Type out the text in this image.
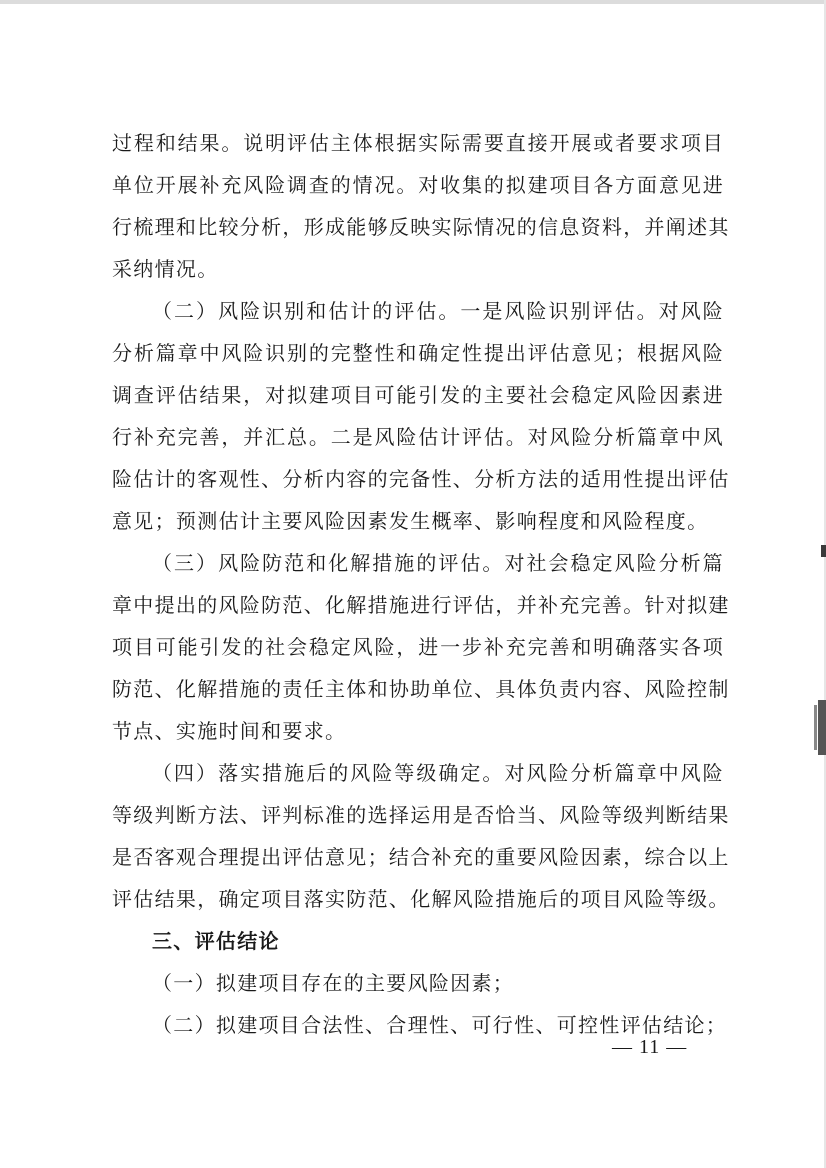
过程和结果。说明评估主体根据实际需要直接开展或者要求项目
单位开展补充风险调查的情况。对收集的拟建项目各方面意见进
行梳理和比较分析，形成能够反映实际情况的信息资料，并阐述其
采纳情况。
（二）风险识别和估计的评估。一是风险识别评估。对风险
分析篇章中风险识别的完整性和确定性提出评估意见；根据风险
调查评估结果，对拟建项目可能引发的主要社会稳定风险因素进
行补充完善，并汇总。二是风险估计评估。对风险分析篇章中风
险估计的客观性、分析内容的完备性、分析方法的适用性提出评估
意见；预测估计主要风险因素发生概率、影响程度和风险程度。
（三）风险防范和化解措施的评估。对社会稳定风险分析篇
章中提出的风险防范、化解措施进行评估，并补充完善。针对拟建
项目可能引发的社会稳定风险，进一步补充完善和明确落实各项
防范、化解措施的责任主体和协助单位、具体负责内容、风险控制
节点、实施时间和要求。
（四）落实措施后的风险等级确定。对风险分析篇章中风险
等级判断方法、评判标准的选择运用是否恰当、风险等级判断结果
是否客观合理提出评估意见；结合补充的重要风险因素，综合以上
评估结果，确定项目落实防范、化解风险措施后的项目风险等级。
三、评估结论
（一）拟建项目存在的主要风险因素；
（二）拟建项目合法性、合理性、可行性、可控性评估结论；
— 11 —
